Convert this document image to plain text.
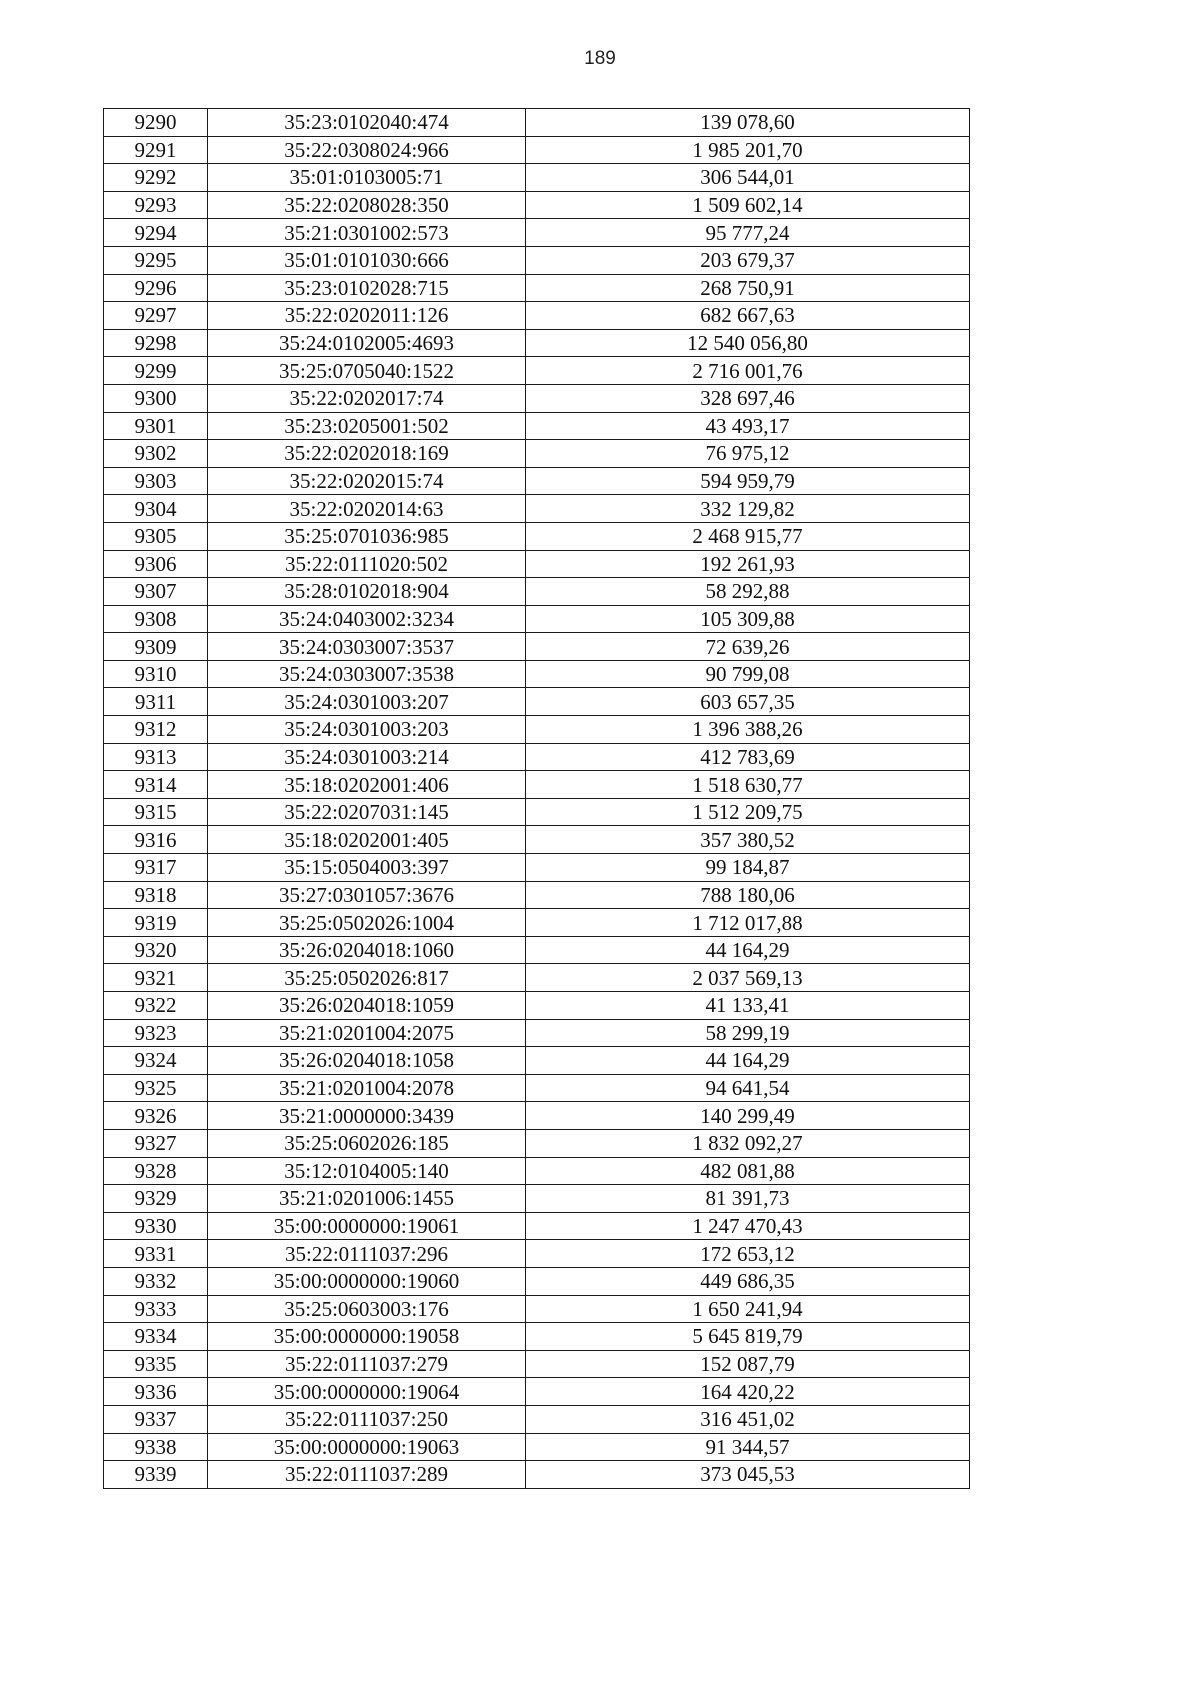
189
9290	35:23:0102040:474	139 078,60
9291	35:22:0308024:966	1 985 201,70
9292	35:01:0103005:71	306 544,01
9293	35:22:0208028:350	1 509 602,14
9294	35:21:0301002:573	95 777,24
9295	35:01:0101030:666	203 679,37
9296	35:23:0102028:715	268 750,91
9297	35:22:0202011:126	682 667,63
9298	35:24:0102005:4693	12 540 056,80
9299	35:25:0705040:1522	2 716 001,76
9300	35:22:0202017:74	328 697,46
9301	35:23:0205001:502	43 493,17
9302	35:22:0202018:169	76 975,12
9303	35:22:0202015:74	594 959,79
9304	35:22:0202014:63	332 129,82
9305	35:25:0701036:985	2 468 915,77
9306	35:22:0111020:502	192 261,93
9307	35:28:0102018:904	58 292,88
9308	35:24:0403002:3234	105 309,88
9309	35:24:0303007:3537	72 639,26
9310	35:24:0303007:3538	90 799,08
9311	35:24:0301003:207	603 657,35
9312	35:24:0301003:203	1 396 388,26
9313	35:24:0301003:214	412 783,69
9314	35:18:0202001:406	1 518 630,77
9315	35:22:0207031:145	1 512 209,75
9316	35:18:0202001:405	357 380,52
9317	35:15:0504003:397	99 184,87
9318	35:27:0301057:3676	788 180,06
9319	35:25:0502026:1004	1 712 017,88
9320	35:26:0204018:1060	44 164,29
9321	35:25:0502026:817	2 037 569,13
9322	35:26:0204018:1059	41 133,41
9323	35:21:0201004:2075	58 299,19
9324	35:26:0204018:1058	44 164,29
9325	35:21:0201004:2078	94 641,54
9326	35:21:0000000:3439	140 299,49
9327	35:25:0602026:185	1 832 092,27
9328	35:12:0104005:140	482 081,88
9329	35:21:0201006:1455	81 391,73
9330	35:00:0000000:19061	1 247 470,43
9331	35:22:0111037:296	172 653,12
9332	35:00:0000000:19060	449 686,35
9333	35:25:0603003:176	1 650 241,94
9334	35:00:0000000:19058	5 645 819,79
9335	35:22:0111037:279	152 087,79
9336	35:00:0000000:19064	164 420,22
9337	35:22:0111037:250	316 451,02
9338	35:00:0000000:19063	91 344,57
9339	35:22:0111037:289	373 045,53
